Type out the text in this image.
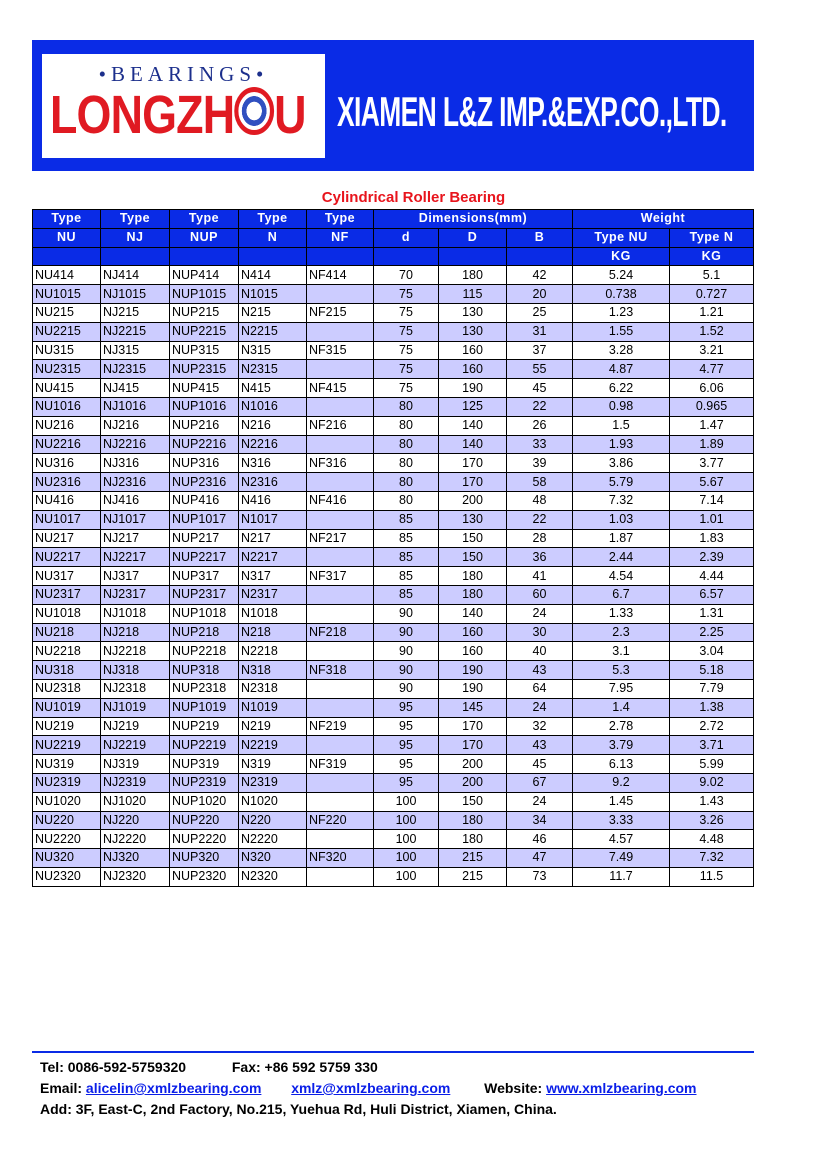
•BEARINGS•
LONGZH U XIAMEN L&Z IMP.&EXP.CO.,LTD.
Cylindrical Roller Bearing
Type	Type	Type	Type	Type	Dimensions(mm)			Weight	
NU	NJ	NUP	N	NF	d	D	B	Type NU	Type N
								KG	KG
NU414	NJ414	NUP414	N414	NF414	70	180	42	5.24	5.1
NU1015	NJ1015	NUP1015	N1015		75	115	20	0.738	0.727
NU215	NJ215	NUP215	N215	NF215	75	130	25	1.23	1.21
NU2215	NJ2215	NUP2215	N2215		75	130	31	1.55	1.52
NU315	NJ315	NUP315	N315	NF315	75	160	37	3.28	3.21
NU2315	NJ2315	NUP2315	N2315		75	160	55	4.87	4.77
NU415	NJ415	NUP415	N415	NF415	75	190	45	6.22	6.06
NU1016	NJ1016	NUP1016	N1016		80	125	22	0.98	0.965
NU216	NJ216	NUP216	N216	NF216	80	140	26	1.5	1.47
NU2216	NJ2216	NUP2216	N2216		80	140	33	1.93	1.89
NU316	NJ316	NUP316	N316	NF316	80	170	39	3.86	3.77
NU2316	NJ2316	NUP2316	N2316		80	170	58	5.79	5.67
NU416	NJ416	NUP416	N416	NF416	80	200	48	7.32	7.14
NU1017	NJ1017	NUP1017	N1017		85	130	22	1.03	1.01
NU217	NJ217	NUP217	N217	NF217	85	150	28	1.87	1.83
NU2217	NJ2217	NUP2217	N2217		85	150	36	2.44	2.39
NU317	NJ317	NUP317	N317	NF317	85	180	41	4.54	4.44
NU2317	NJ2317	NUP2317	N2317		85	180	60	6.7	6.57
NU1018	NJ1018	NUP1018	N1018		90	140	24	1.33	1.31
NU218	NJ218	NUP218	N218	NF218	90	160	30	2.3	2.25
NU2218	NJ2218	NUP2218	N2218		90	160	40	3.1	3.04
NU318	NJ318	NUP318	N318	NF318	90	190	43	5.3	5.18
NU2318	NJ2318	NUP2318	N2318		90	190	64	7.95	7.79
NU1019	NJ1019	NUP1019	N1019		95	145	24	1.4	1.38
NU219	NJ219	NUP219	N219	NF219	95	170	32	2.78	2.72
NU2219	NJ2219	NUP2219	N2219		95	170	43	3.79	3.71
NU319	NJ319	NUP319	N319	NF319	95	200	45	6.13	5.99
NU2319	NJ2319	NUP2319	N2319		95	200	67	9.2	9.02
NU1020	NJ1020	NUP1020	N1020		100	150	24	1.45	1.43
NU220	NJ220	NUP220	N220	NF220	100	180	34	3.33	3.26
NU2220	NJ2220	NUP2220	N2220		100	180	46	4.57	4.48
NU320	NJ320	NUP320	N320	NF320	100	215	47	7.49	7.32
NU2320	NJ2320	NUP2320	N2320		100	215	73	11.7	11.5
Tel: 0086-592-5759320	Fax: +86 592 5759 330
Email: alicelin@xmlzbearing.com xmlz@xmlzbearing.com Website: www.xmlzbearing.com
Add: 3F, East-C, 2nd Factory, No.215, Yuehua Rd, Huli District, Xiamen, China.
